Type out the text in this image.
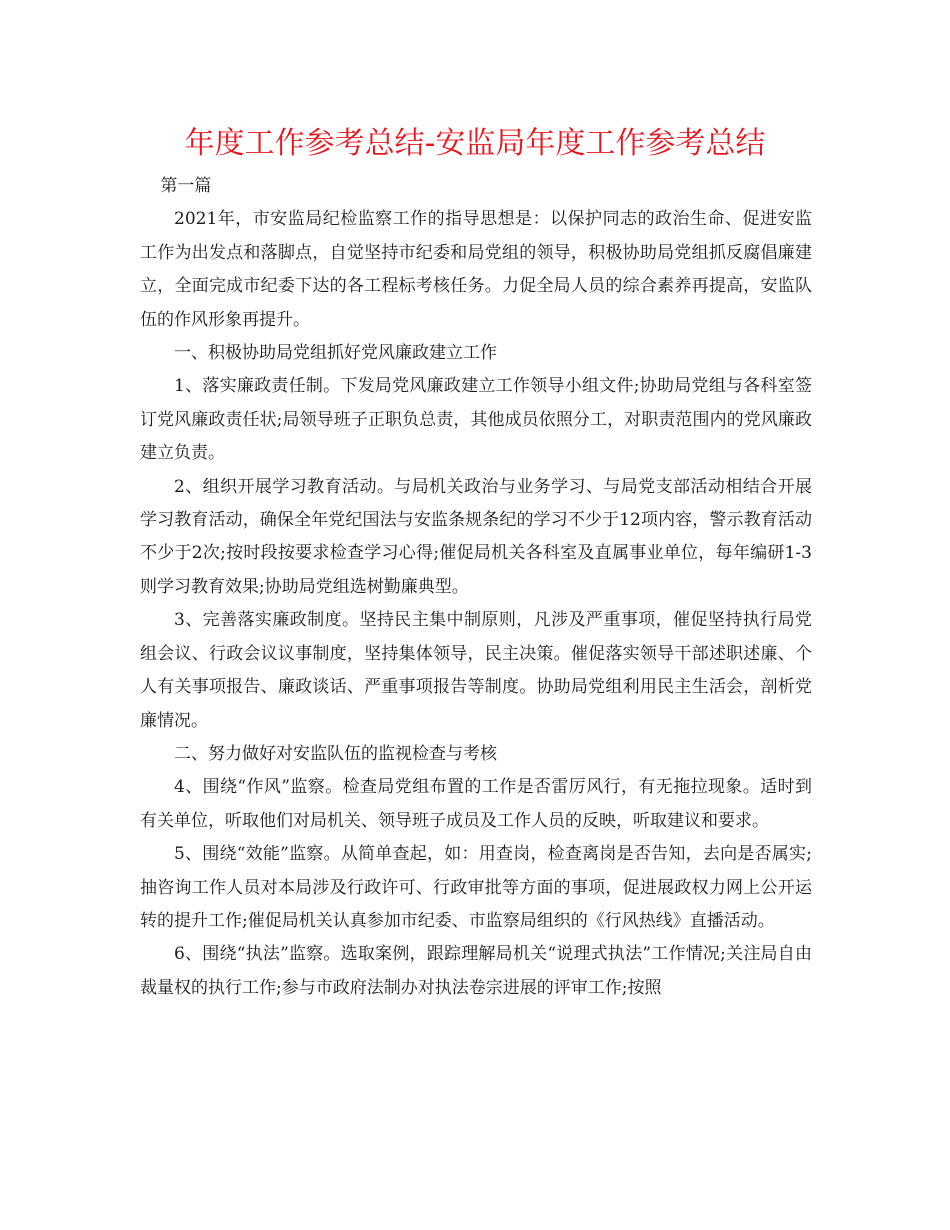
年度工作参考总结-安监局年度工作参考总结

第一篇

2021年，市安监局纪检监察工作的指导思想是：以保护同志的政治生命、促进安监工作为出发点和落脚点，自觉坚持市纪委和局党组的领导，积极协助局党组抓反腐倡廉建立，全面完成市纪委下达的各工程标考核任务。力促全局人员的综合素养再提高，安监队伍的作风形象再提升。

一、积极协助局党组抓好党风廉政建立工作

1、落实廉政责任制。下发局党风廉政建立工作领导小组文件;协助局党组与各科室签订党风廉政责任状;局领导班子正职负总责，其他成员依照分工，对职责范围内的党风廉政建立负责。

2、组织开展学习教育活动。与局机关政治与业务学习、与局党支部活动相结合开展学习教育活动，确保全年党纪国法与安监条规条纪的学习不少于12项内容，警示教育活动不少于2次;按时段按要求检查学习心得;催促局机关各科室及直属事业单位，每年编研1-3则学习教育效果;协助局党组选树勤廉典型。

3、完善落实廉政制度。坚持民主集中制原则，凡涉及严重事项，催促坚持执行局党组会议、行政会议议事制度，坚持集体领导，民主决策。催促落实领导干部述职述廉、个人有关事项报告、廉政谈话、严重事项报告等制度。协助局党组利用民主生活会，剖析党廉情况。

二、努力做好对安监队伍的监视检查与考核

4、围绕“作风”监察。检查局党组布置的工作是否雷厉风行，有无拖拉现象。适时到有关单位，听取他们对局机关、领导班子成员及工作人员的反映，听取建议和要求。

5、围绕“效能”监察。从简单查起，如：用查岗，检查离岗是否告知，去向是否属实;抽咨询工作人员对本局涉及行政许可、行政审批等方面的事项，促进展政权力网上公开运转的提升工作;催促局机关认真参加市纪委、市监察局组织的《行风热线》直播活动。

6、围绕“执法”监察。选取案例，跟踪理解局机关“说理式执法”工作情况;关注局自由裁量权的执行工作;参与市政府法制办对执法卷宗进展的评审工作;按照
